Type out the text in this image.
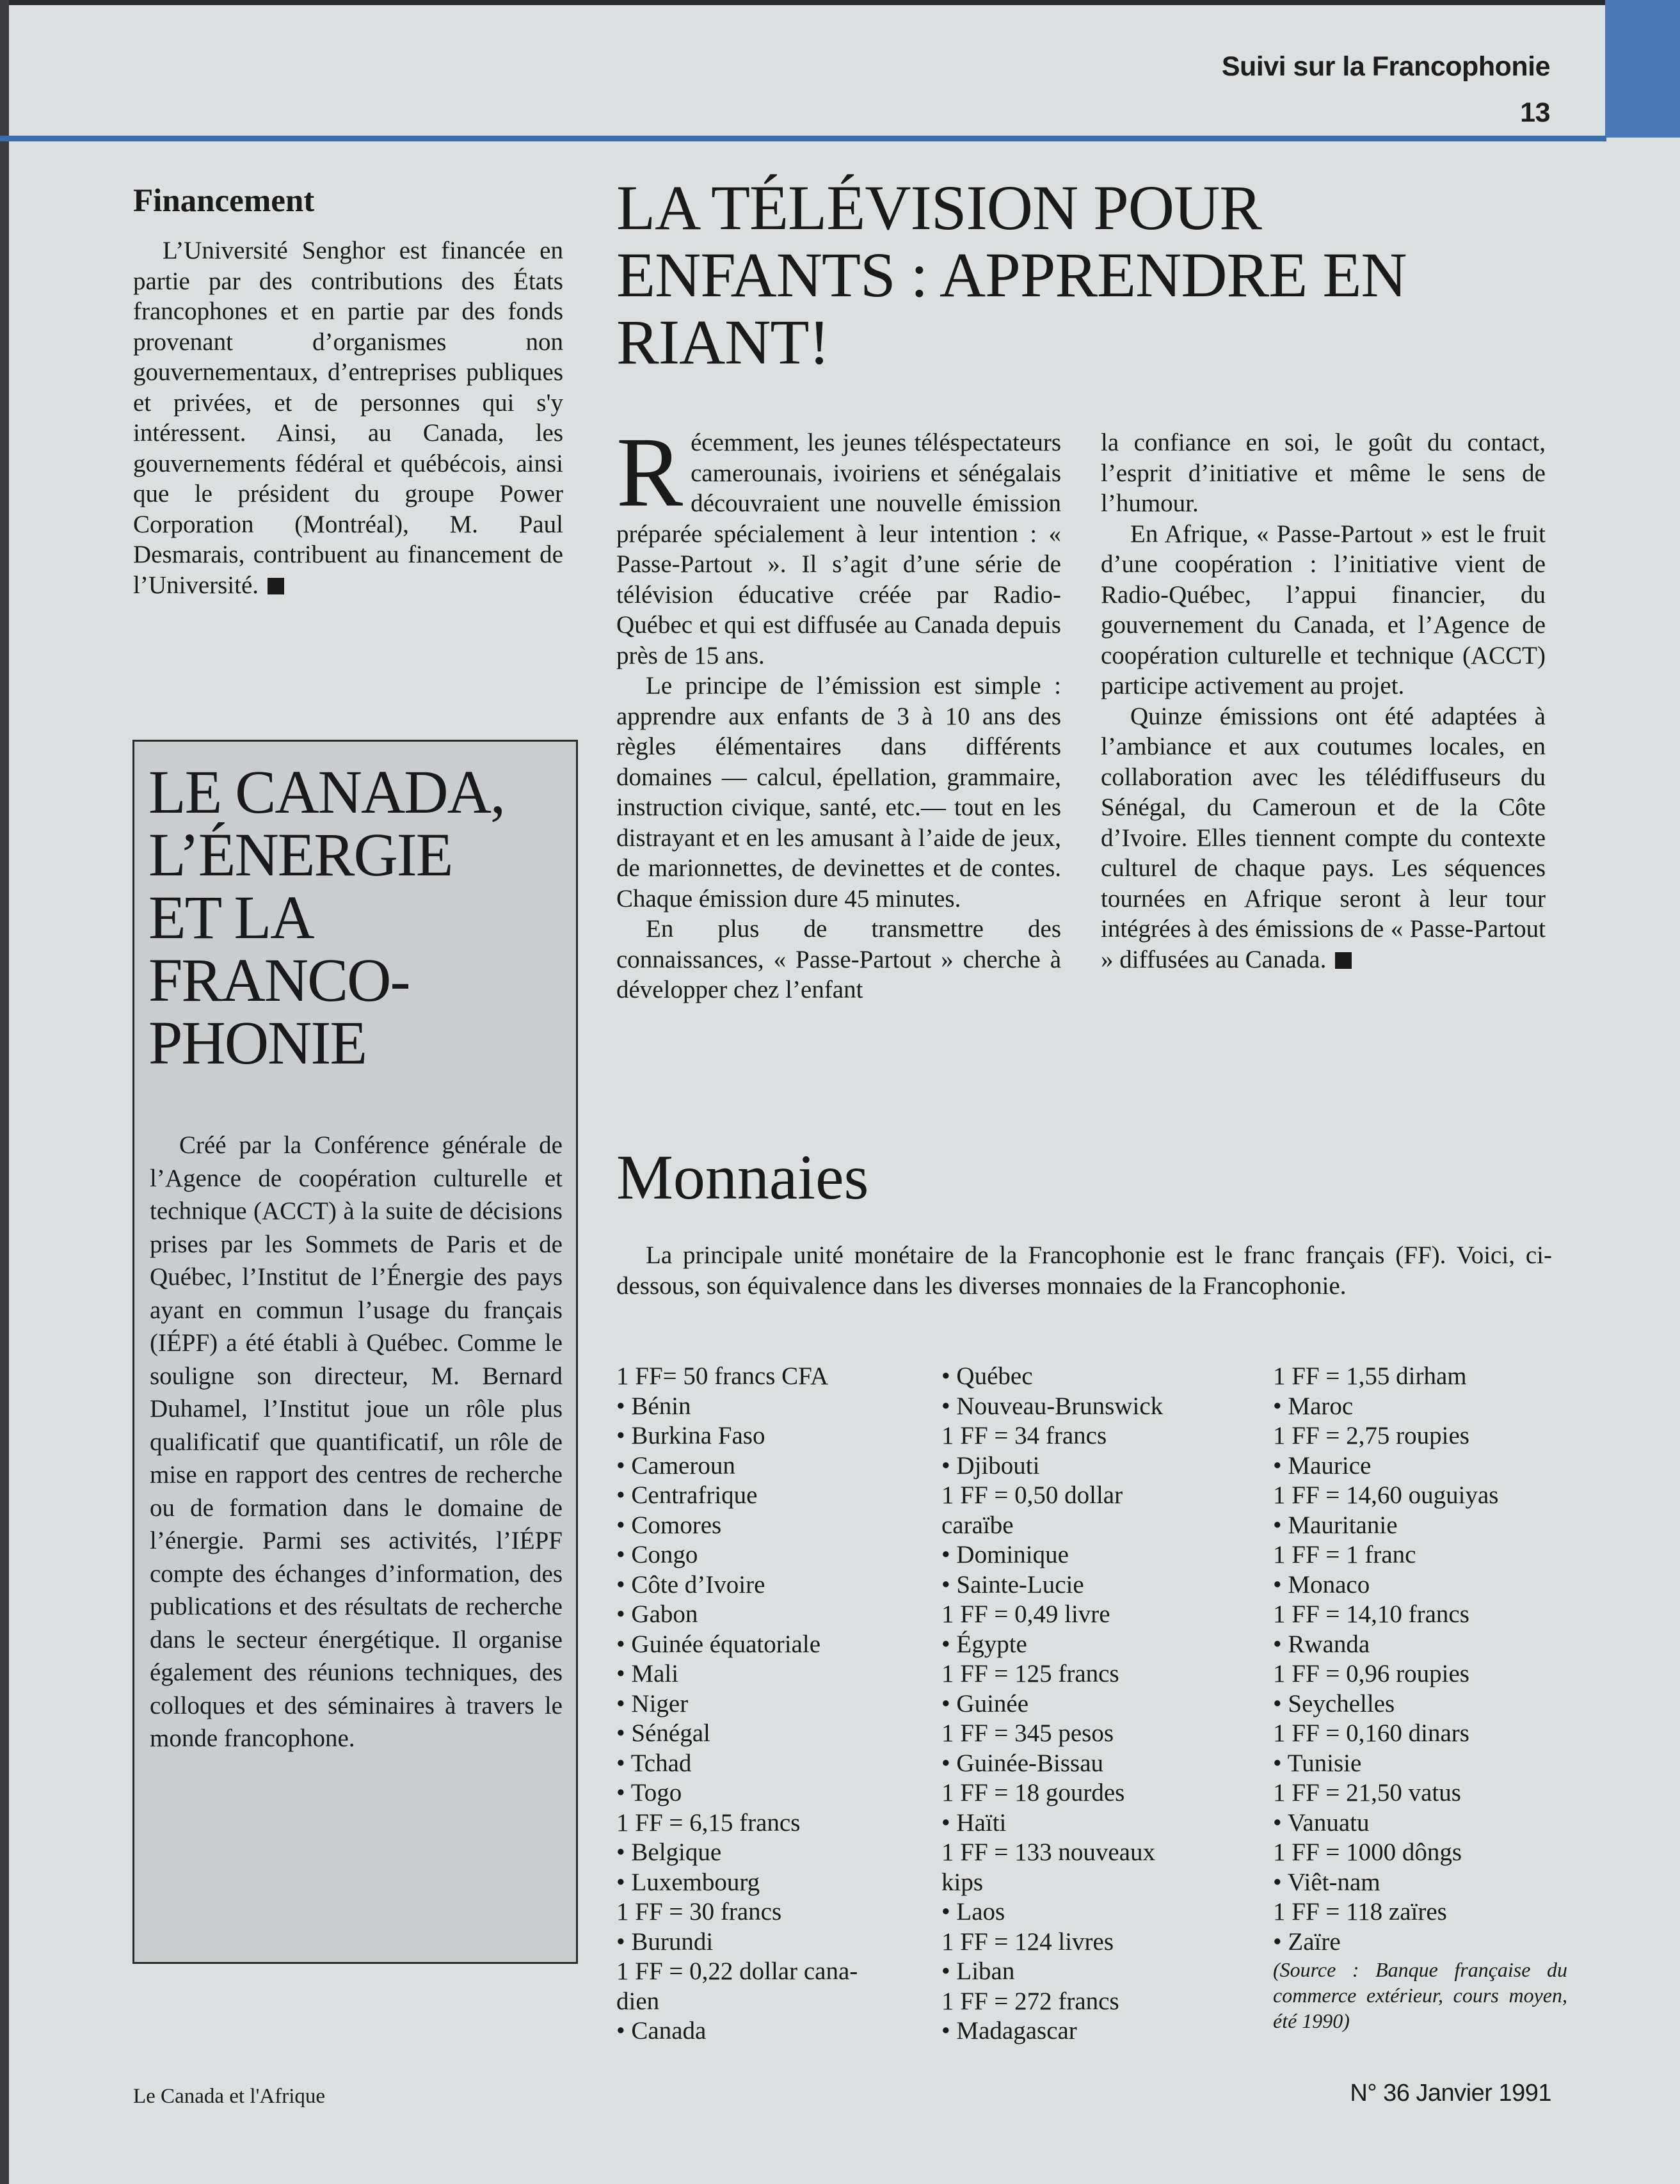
Suivi sur la Francophonie
13
Financement

L’Université Senghor est financée en partie par des contributions des États francophones et en partie par des fonds provenant d’organismes non gouvernementaux, d’entreprises publiques et privées, et de personnes qui s'y intéressent. Ainsi, au Canada, les gouvernements fédéral et québécois, ainsi que le président du groupe Power Corporation (Montréal), M. Paul Desmarais, contribuent au financement de l’Université.

LE CANADA,
L’ÉNERGIE
ET LA
FRANCO-
PHONIE

Créé par la Conférence générale de l’Agence de coopération culturelle et technique (ACCT) à la suite de décisions prises par les Sommets de Paris et de Québec, l’Institut de l’Énergie des pays ayant en commun l’usage du français (IÉPF) a été établi à Québec. Comme le souligne son directeur, M. Bernard Duhamel, l’Institut joue un rôle plus qualificatif que quantificatif, un rôle de mise en rapport des centres de recherche ou de formation dans le domaine de l’énergie. Parmi ses activités, l’IÉPF compte des échanges d’information, des publications et des résultats de recherche dans le secteur énergétique. Il organise également des réunions techniques, des colloques et des séminaires à travers le monde francophone.

LA TÉLÉVISION POUR
ENFANTS : APPRENDRE EN
RIANT!

Récemment, les jeunes téléspectateurs camerounais, ivoiriens et sénégalais découvraient une nouvelle émission préparée spécialement à leur intention : « Passe-Partout ». Il s’agit d’une série de télévision éducative créée par Radio-Québec et qui est diffusée au Canada depuis près de 15 ans.

Le principe de l’émission est simple : apprendre aux enfants de 3 à 10 ans des règles élémentaires dans différents domaines — calcul, épellation, grammaire, instruction civique, santé, etc.— tout en les distrayant et en les amusant à l’aide de jeux, de marionnettes, de devinettes et de contes. Chaque émission dure 45 minutes.

En plus de transmettre des connaissances, « Passe-Partout » cherche à développer chez l’enfant

la confiance en soi, le goût du contact, l’esprit d’initiative et même le sens de l’humour.

En Afrique, « Passe-Partout » est le fruit d’une coopération : l’initiative vient de Radio-Québec, l’appui financier, du gouvernement du Canada, et l’Agence de coopération culturelle et technique (ACCT) participe activement au projet.

Quinze émissions ont été adaptées à l’ambiance et aux coutumes locales, en collaboration avec les télédiffuseurs du Sénégal, du Cameroun et de la Côte d’Ivoire. Elles tiennent compte du contexte culturel de chaque pays. Les séquences tournées en Afrique seront à leur tour intégrées à des émissions de « Passe-Partout » diffusées au Canada.

Monnaies

La principale unité monétaire de la Francophonie est le franc français (FF). Voici, ci-dessous, son équivalence dans les diverses monnaies de la Francophonie.

1 FF= 50 francs CFA
• Bénin
• Burkina Faso
• Cameroun
• Centrafrique
• Comores
• Congo
• Côte d’Ivoire
• Gabon
• Guinée équatoriale
• Mali
• Niger
• Sénégal
• Tchad
• Togo
1 FF = 6,15 francs
• Belgique
• Luxembourg
1 FF = 30 francs
• Burundi
1 FF = 0,22 dollar cana-
dien
• Canada
• Québec
• Nouveau-Brunswick
1 FF = 34 francs
• Djibouti
1 FF = 0,50 dollar
caraïbe
• Dominique
• Sainte-Lucie
1 FF = 0,49 livre
• Égypte
1 FF = 125 francs
• Guinée
1 FF = 345 pesos
• Guinée-Bissau
1 FF = 18 gourdes
• Haïti
1 FF = 133 nouveaux
kips
• Laos
1 FF = 124 livres
• Liban
1 FF = 272 francs
• Madagascar
1 FF = 1,55 dirham
• Maroc
1 FF = 2,75 roupies
• Maurice
1 FF = 14,60 ouguiyas
• Mauritanie
1 FF = 1 franc
• Monaco
1 FF = 14,10 francs
• Rwanda
1 FF = 0,96 roupies
• Seychelles
1 FF = 0,160 dinars
• Tunisie
1 FF = 21,50 vatus
• Vanuatu
1 FF = 1000 dôngs
• Viêt-nam
1 FF = 118 zaïres
• Zaïre
(Source : Banque française du commerce extérieur, cours moyen, été 1990)
Le Canada et l'Afrique	N° 36 Janvier 1991
